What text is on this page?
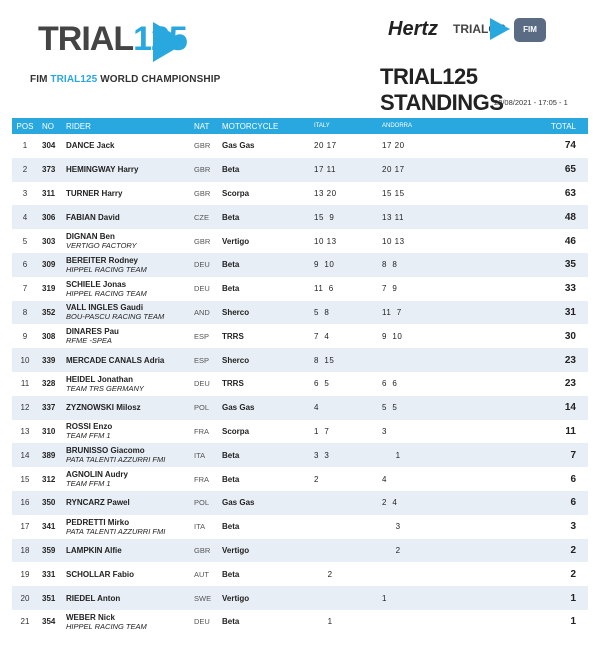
TRIAL125
FIM TRIAL125 WORLD CHAMPIONSHIP
Hertz TRIALGP	FIM
TRIAL125 STANDINGS
22/08/2021 - 17:05 - 1
POS	NO	RIDER	NAT	MOTORCYCLE	ITALY	ANDORRA	TOTAL
1	304	DANCE Jack	GBR	Gas Gas	20 17	17 20	74
2	373	HEMINGWAY Harry	GBR	Beta	17 11	20 17	65
3	311	TURNER Harry	GBR	Scorpa	13 20	15 15	63
4	306	FABIAN David	CZE	Beta	15  9	13 11	48
5	303	DIGNAN Ben
VERTIGO FACTORY	GBR	Vertigo	10 13	10 13	46
6	309	BEREITER Rodney
HIPPEL RACING TEAM	DEU	Beta	9  10	8  8	35
7	319	SCHIELE Jonas
HIPPEL RACING TEAM	DEU	Beta	11  6	7  9	33
8	352	VALL INGLES Gaudi
BOU-PASCU RACING TEAM	AND	Sherco	5  8	11  7	31
9	308	DINARES Pau
RFME -SPEA	ESP	TRRS	7  4	9  10	30
10	339	MERCADE CANALS Adria	ESP	Sherco	8  15		23
11	328	HEIDEL Jonathan
TEAM TRS GERMANY	DEU	TRRS	6  5	6  6	23
12	337	ZYZNOWSKI Milosz	POL	Gas Gas	4	5  5	14
13	310	ROSSI Enzo
TEAM FFM 1	FRA	Scorpa	1  7	3	11
14	389	BRUNISSO Giacomo
PATA TALENTI AZZURRI FMI	ITA	Beta	3  3	1	7
15	312	AGNOLIN Audry
TEAM FFM 1	FRA	Beta	2	4	6
16	350	RYNCARZ Pawel	POL	Gas Gas		2  4	6
17	341	PEDRETTI Mirko
PATA TALENTI AZZURRI FMI	ITA	Beta		3	3
18	359	LAMPKIN Alfie	GBR	Vertigo		2	2
19	331	SCHOLLAR Fabio	AUT	Beta	2		2
20	351	RIEDEL Anton	SWE	Vertigo		1	1
21	354	WEBER Nick
HIPPEL RACING TEAM	DEU	Beta	1		1
